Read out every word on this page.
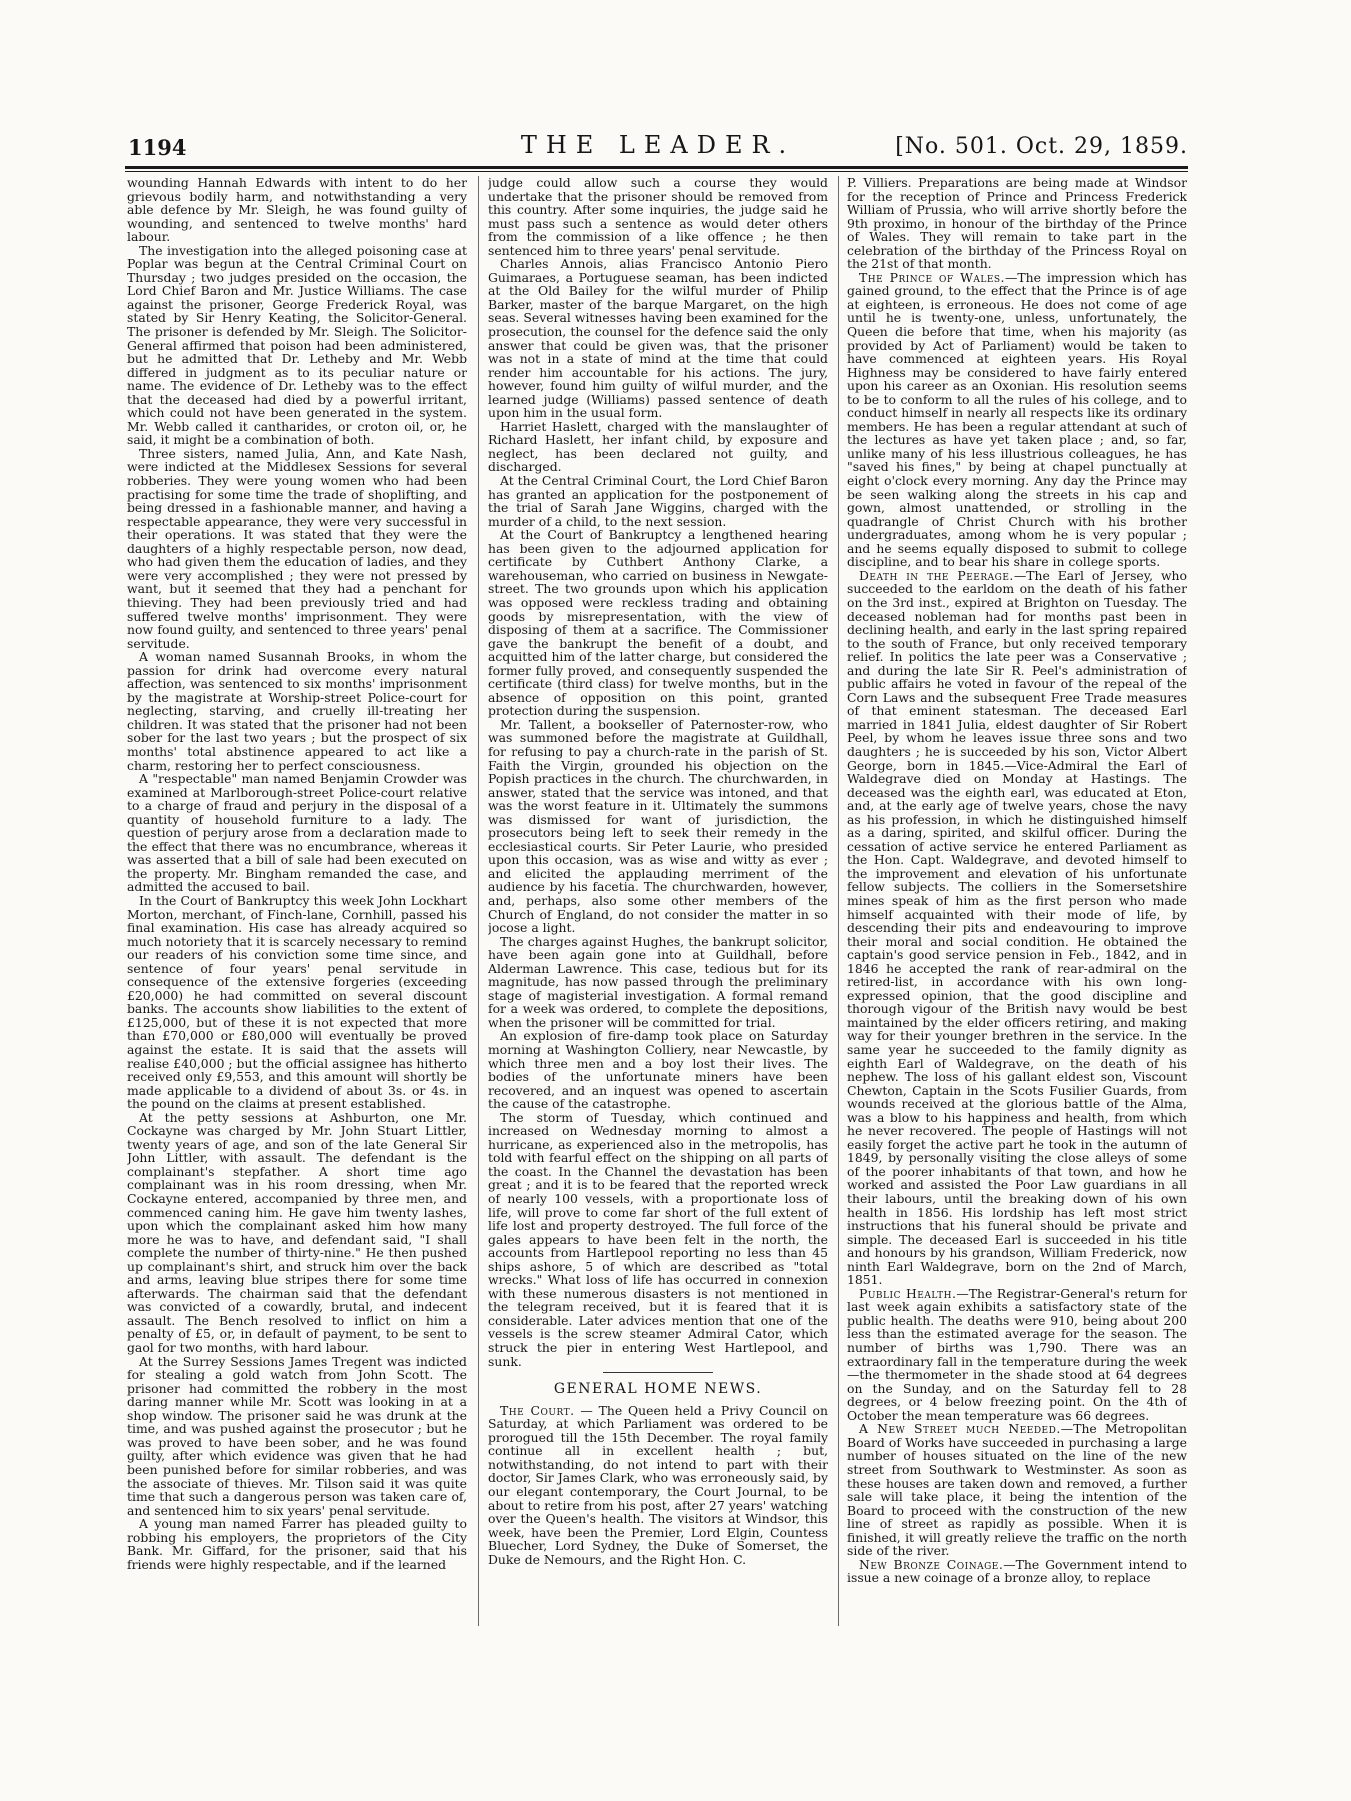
1194	THE LEADER.	[No. 501. Oct. 29, 1859.

wounding Hannah Edwards with intent to do her grievous bodily harm, and notwithstanding a very able defence by Mr. Sleigh, he was found guilty of wounding, and sentenced to twelve months' hard labour.

The investigation into the alleged poisoning case at Poplar was begun at the Central Criminal Court on Thursday ; two judges presided on the occasion, the Lord Chief Baron and Mr. Justice Williams. The case against the prisoner, George Frederick Royal, was stated by Sir Henry Keating, the Solicitor-General. The prisoner is defended by Mr. Sleigh. The Solicitor-General affirmed that poison had been administered, but he admitted that Dr. Letheby and Mr. Webb differed in judgment as to its peculiar nature or name. The evidence of Dr. Letheby was to the effect that the deceased had died by a powerful irritant, which could not have been generated in the system. Mr. Webb called it cantharides, or croton oil, or, he said, it might be a combination of both.

Three sisters, named Julia, Ann, and Kate Nash, were indicted at the Middlesex Sessions for several robberies. They were young women who had been practising for some time the trade of shoplifting, and being dressed in a fashionable manner, and having a respectable appearance, they were very successful in their operations. It was stated that they were the daughters of a highly respectable person, now dead, who had given them the education of ladies, and they were very accomplished ; they were not pressed by want, but it seemed that they had a penchant for thieving. They had been previously tried and had suffered twelve months' imprisonment. They were now found guilty, and sentenced to three years' penal servitude.

A woman named Susannah Brooks, in whom the passion for drink had overcome every natural affection, was sentenced to six months' imprisonment by the magistrate at Worship-street Police-court for neglecting, starving, and cruelly ill-treating her children. It was stated that the prisoner had not been sober for the last two years ; but the prospect of six months' total abstinence appeared to act like a charm, restoring her to perfect consciousness.

A "respectable" man named Benjamin Crowder was examined at Marlborough-street Police-court relative to a charge of fraud and perjury in the disposal of a quantity of household furniture to a lady. The question of perjury arose from a declaration made to the effect that there was no encumbrance, whereas it was asserted that a bill of sale had been executed on the property. Mr. Bingham remanded the case, and admitted the accused to bail.

In the Court of Bankruptcy this week John Lockhart Morton, merchant, of Finch-lane, Cornhill, passed his final examination. His case has already acquired so much notoriety that it is scarcely necessary to remind our readers of his conviction some time since, and sentence of four years' penal servitude in consequence of the extensive forgeries (exceeding £20,000) he had committed on several discount banks. The accounts show liabilities to the extent of £125,000, but of these it is not expected that more than £70,000 or £80,000 will eventually be proved against the estate. It is said that the assets will realise £40,000 ; but the official assignee has hitherto received only £9,553, and this amount will shortly be made applicable to a dividend of about 3s. or 4s. in the pound on the claims at present established.

At the petty sessions at Ashburton, one Mr. Cockayne was charged by Mr. John Stuart Littler, twenty years of age, and son of the late General Sir John Littler, with assault. The defendant is the complainant's stepfather. A short time ago complainant was in his room dressing, when Mr. Cockayne entered, accompanied by three men, and commenced caning him. He gave him twenty lashes, upon which the complainant asked him how many more he was to have, and defendant said, "I shall complete the number of thirty-nine." He then pushed up complainant's shirt, and struck him over the back and arms, leaving blue stripes there for some time afterwards. The chairman said that the defendant was convicted of a cowardly, brutal, and indecent assault. The Bench resolved to inflict on him a penalty of £5, or, in default of payment, to be sent to gaol for two months, with hard labour.

At the Surrey Sessions James Tregent was indicted for stealing a gold watch from John Scott. The prisoner had committed the robbery in the most daring manner while Mr. Scott was looking in at a shop window. The prisoner said he was drunk at the time, and was pushed against the prosecutor ; but he was proved to have been sober, and he was found guilty, after which evidence was given that he had been punished before for similar robberies, and was the associate of thieves. Mr. Tilson said it was quite time that such a dangerous person was taken care of, and sentenced him to six years' penal servitude.

A young man named Farrer has pleaded guilty to robbing his employers, the proprietors of the City Bank. Mr. Giffard, for the prisoner, said that his friends were highly respectable, and if the learned

judge could allow such a course they would undertake that the prisoner should be removed from this country. After some inquiries, the judge said he must pass such a sentence as would deter others from the commission of a like offence ; he then sentenced him to three years' penal servitude.

Charles Annois, alias Francisco Antonio Piero Guimaraes, a Portuguese seaman, has been indicted at the Old Bailey for the wilful murder of Philip Barker, master of the barque Margaret, on the high seas. Several witnesses having been examined for the prosecution, the counsel for the defence said the only answer that could be given was, that the prisoner was not in a state of mind at the time that could render him accountable for his actions. The jury, however, found him guilty of wilful murder, and the learned judge (Williams) passed sentence of death upon him in the usual form.

Harriet Haslett, charged with the manslaughter of Richard Haslett, her infant child, by exposure and neglect, has been declared not guilty, and discharged.

At the Central Criminal Court, the Lord Chief Baron has granted an application for the postponement of the trial of Sarah Jane Wiggins, charged with the murder of a child, to the next session.

At the Court of Bankruptcy a lengthened hearing has been given to the adjourned application for certificate by Cuthbert Anthony Clarke, a warehouseman, who carried on business in Newgate-street. The two grounds upon which his application was opposed were reckless trading and obtaining goods by misrepresentation, with the view of disposing of them at a sacrifice. The Commissioner gave the bankrupt the benefit of a doubt, and acquitted him of the latter charge, but considered the former fully proved, and consequently suspended the certificate (third class) for twelve months, but in the absence of opposition on this point, granted protection during the suspension.

Mr. Tallent, a bookseller of Paternoster-row, who was summoned before the magistrate at Guildhall, for refusing to pay a church-rate in the parish of St. Faith the Virgin, grounded his objection on the Popish practices in the church. The churchwarden, in answer, stated that the service was intoned, and that was the worst feature in it. Ultimately the summons was dismissed for want of jurisdiction, the prosecutors being left to seek their remedy in the ecclesiastical courts. Sir Peter Laurie, who presided upon this occasion, was as wise and witty as ever ; and elicited the applauding merriment of the audience by his facetia. The churchwarden, however, and, perhaps, also some other members of the Church of England, do not consider the matter in so jocose a light.

The charges against Hughes, the bankrupt solicitor, have been again gone into at Guildhall, before Alderman Lawrence. This case, tedious but for its magnitude, has now passed through the preliminary stage of magisterial investigation. A formal remand for a week was ordered, to complete the depositions, when the prisoner will be committed for trial.

An explosion of fire-damp took place on Saturday morning at Washington Colliery, near Newcastle, by which three men and a boy lost their lives. The bodies of the unfortunate miners have been recovered, and an inquest was opened to ascertain the cause of the catastrophe.

The storm of Tuesday, which continued and increased on Wednesday morning to almost a hurricane, as experienced also in the metropolis, has told with fearful effect on the shipping on all parts of the coast. In the Channel the devastation has been great ; and it is to be feared that the reported wreck of nearly 100 vessels, with a proportionate loss of life, will prove to come far short of the full extent of life lost and property destroyed. The full force of the gales appears to have been felt in the north, the accounts from Hartlepool reporting no less than 45 ships ashore, 5 of which are described as "total wrecks." What loss of life has occurred in connexion with these numerous disasters is not mentioned in the telegram received, but it is feared that it is considerable. Later advices mention that one of the vessels is the screw steamer Admiral Cator, which struck the pier in entering West Hartlepool, and sunk.

GENERAL HOME NEWS.

The Court. — The Queen held a Privy Council on Saturday, at which Parliament was ordered to be prorogued till the 15th December. The royal family continue all in excellent health ; but, notwithstanding, do not intend to part with their doctor, Sir James Clark, who was erroneously said, by our elegant contemporary, the Court Journal, to be about to retire from his post, after 27 years' watching over the Queen's health. The visitors at Windsor, this week, have been the Premier, Lord Elgin, Countess Bluecher, Lord Sydney, the Duke of Somerset, the Duke de Nemours, and the Right Hon. C.

P. Villiers. Preparations are being made at Windsor for the reception of Prince and Princess Frederick William of Prussia, who will arrive shortly before the 9th proximo, in honour of the birthday of the Prince of Wales. They will remain to take part in the celebration of the birthday of the Princess Royal on the 21st of that month.

The Prince of Wales.—The impression which has gained ground, to the effect that the Prince is of age at eighteen, is erroneous. He does not come of age until he is twenty-one, unless, unfortunately, the Queen die before that time, when his majority (as provided by Act of Parliament) would be taken to have commenced at eighteen years. His Royal Highness may be considered to have fairly entered upon his career as an Oxonian. His resolution seems to be to conform to all the rules of his college, and to conduct himself in nearly all respects like its ordinary members. He has been a regular attendant at such of the lectures as have yet taken place ; and, so far, unlike many of his less illustrious colleagues, he has "saved his fines," by being at chapel punctually at eight o'clock every morning. Any day the Prince may be seen walking along the streets in his cap and gown, almost unattended, or strolling in the quadrangle of Christ Church with his brother undergraduates, among whom he is very popular ; and he seems equally disposed to submit to college discipline, and to bear his share in college sports.

Death in the Peerage.—The Earl of Jersey, who succeeded to the earldom on the death of his father on the 3rd inst., expired at Brighton on Tuesday. The deceased nobleman had for months past been in declining health, and early in the last spring repaired to the south of France, but only received temporary relief. In politics the late peer was a Conservative ; and during the late Sir R. Peel's administration of public affairs he voted in favour of the repeal of the Corn Laws and the subsequent Free Trade measures of that eminent statesman. The deceased Earl married in 1841 Julia, eldest daughter of Sir Robert Peel, by whom he leaves issue three sons and two daughters ; he is succeeded by his son, Victor Albert George, born in 1845.—Vice-Admiral the Earl of Waldegrave died on Monday at Hastings. The deceased was the eighth earl, was educated at Eton, and, at the early age of twelve years, chose the navy as his profession, in which he distinguished himself as a daring, spirited, and skilful officer. During the cessation of active service he entered Parliament as the Hon. Capt. Waldegrave, and devoted himself to the improvement and elevation of his unfortunate fellow subjects. The colliers in the Somersetshire mines speak of him as the first person who made himself acquainted with their mode of life, by descending their pits and endeavouring to improve their moral and social condition. He obtained the captain's good service pension in Feb., 1842, and in 1846 he accepted the rank of rear-admiral on the retired-list, in accordance with his own long-expressed opinion, that the good discipline and thorough vigour of the British navy would be best maintained by the elder officers retiring, and making way for their younger brethren in the service. In the same year he succeeded to the family dignity as eighth Earl of Waldegrave, on the death of his nephew. The loss of his gallant eldest son, Viscount Chewton, Captain in the Scots Fusilier Guards, from wounds received at the glorious battle of the Alma, was a blow to his happiness and health, from which he never recovered. The people of Hastings will not easily forget the active part he took in the autumn of 1849, by personally visiting the close alleys of some of the poorer inhabitants of that town, and how he worked and assisted the Poor Law guardians in all their labours, until the breaking down of his own health in 1856. His lordship has left most strict instructions that his funeral should be private and simple. The deceased Earl is succeeded in his title and honours by his grandson, William Frederick, now ninth Earl Waldegrave, born on the 2nd of March, 1851.

Public Health.—The Registrar-General's return for last week again exhibits a satisfactory state of the public health. The deaths were 910, being about 200 less than the estimated average for the season. The number of births was 1,790. There was an extraordinary fall in the temperature during the week—the thermometer in the shade stood at 64 degrees on the Sunday, and on the Saturday fell to 28 degrees, or 4 below freezing point. On the 4th of October the mean temperature was 66 degrees.

A New Street much Needed.—The Metropolitan Board of Works have succeeded in purchasing a large number of houses situated on the line of the new street from Southwark to Westminster. As soon as these houses are taken down and removed, a further sale will take place, it being the intention of the Board to proceed with the construction of the new line of street as rapidly as possible. When it is finished, it will greatly relieve the traffic on the north side of the river.

New Bronze Coinage.—The Government intend to issue a new coinage of a bronze alloy, to replace
